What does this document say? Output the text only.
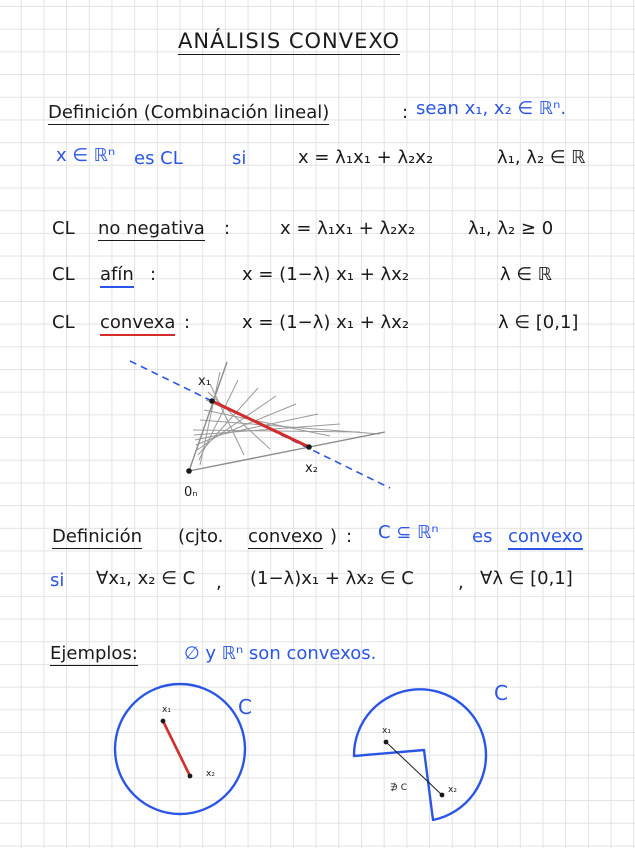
ANÁLISIS CONVEXO
Definición (Combinación lineal)	: sean x₁, x₂ ∈ ℝⁿ.
x ∈ ℝⁿ es CL	si	x = λ₁x₁ + λ₂x₂	λ₁, λ₂ ∈ ℝ
CL no negativa :	x = λ₁x₁ + λ₂x₂	λ₁, λ₂ ≥ 0
CL afín :	x = (1−λ) x₁ + λx₂	λ ∈ ℝ
CL convexa :	x = (1−λ) x₁ + λx₂	λ ∈ [0,1]
x₁
x₂
0ₙ
Definición (cjto. convexo ) : C ⊆ ℝⁿ es convexo
si ∀x₁, x₂ ∈ C , (1−λ)x₁ + λx₂ ∈ C , ∀λ ∈ [0,1]
Ejemplos:	∅ y ℝⁿ son convexos.
x₁
x₂
C
x₁
x₂
∌ C
C
